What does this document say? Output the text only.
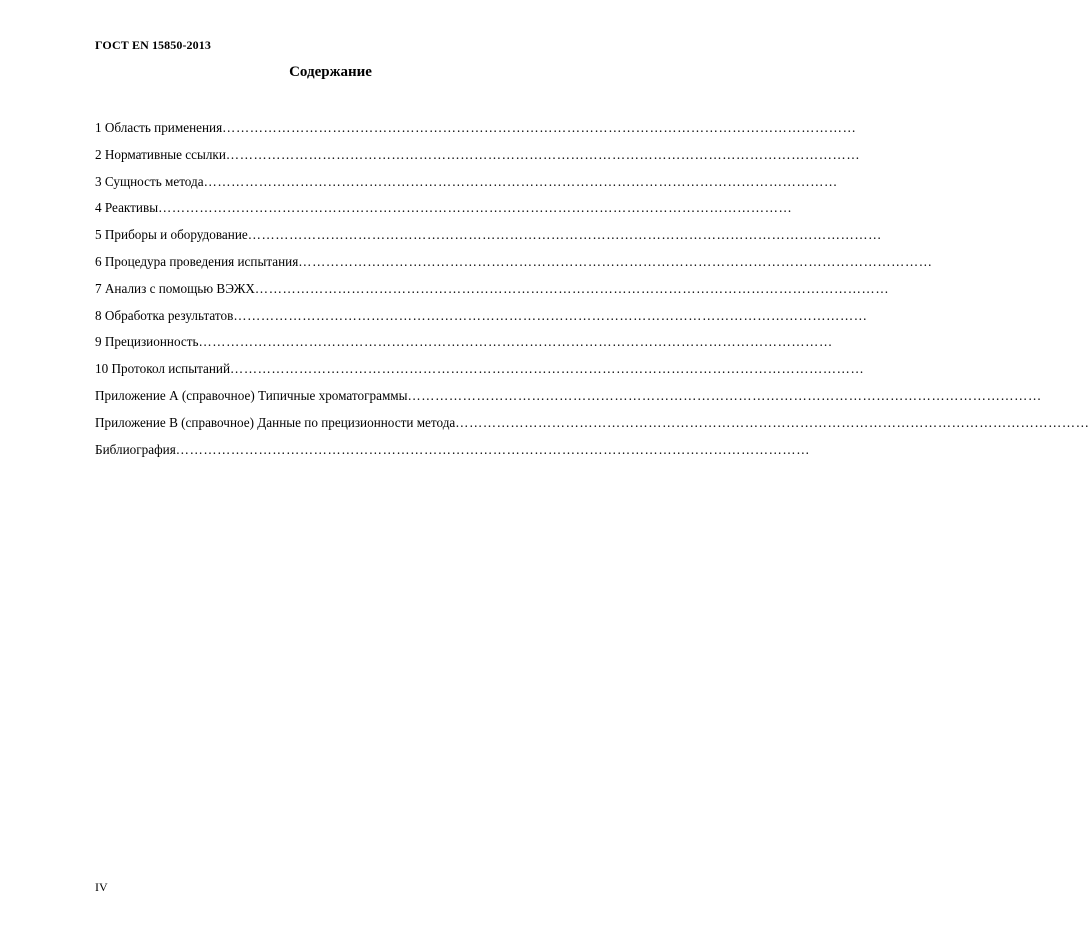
ГОСТ EN 15850-2013
Содержание
1 Область применения …………………………………………………………………………………………………………………………
2 Нормативные ссылки …………………………………………………………………………………………………………………………
3 Сущность метода …………………………………………………………………………………………………………………………
4 Реактивы …………………………………………………………………………………………………………………………
5 Приборы и оборудование …………………………………………………………………………………………………………………………
6 Процедура проведения испытания …………………………………………………………………………………………………………………………
7 Анализ с помощью ВЭЖХ …………………………………………………………………………………………………………………………
8 Обработка результатов …………………………………………………………………………………………………………………………
9 Прецизионность …………………………………………………………………………………………………………………………
10 Протокол испытаний …………………………………………………………………………………………………………………………
Приложение А (справочное) Типичные хроматограммы …………………………………………………………………………………………………………………………
Приложение В (справочное) Данные по прецизионности метода …………………………………………………………………………………………………………………………
Библиография …………………………………………………………………………………………………………………………
IV
